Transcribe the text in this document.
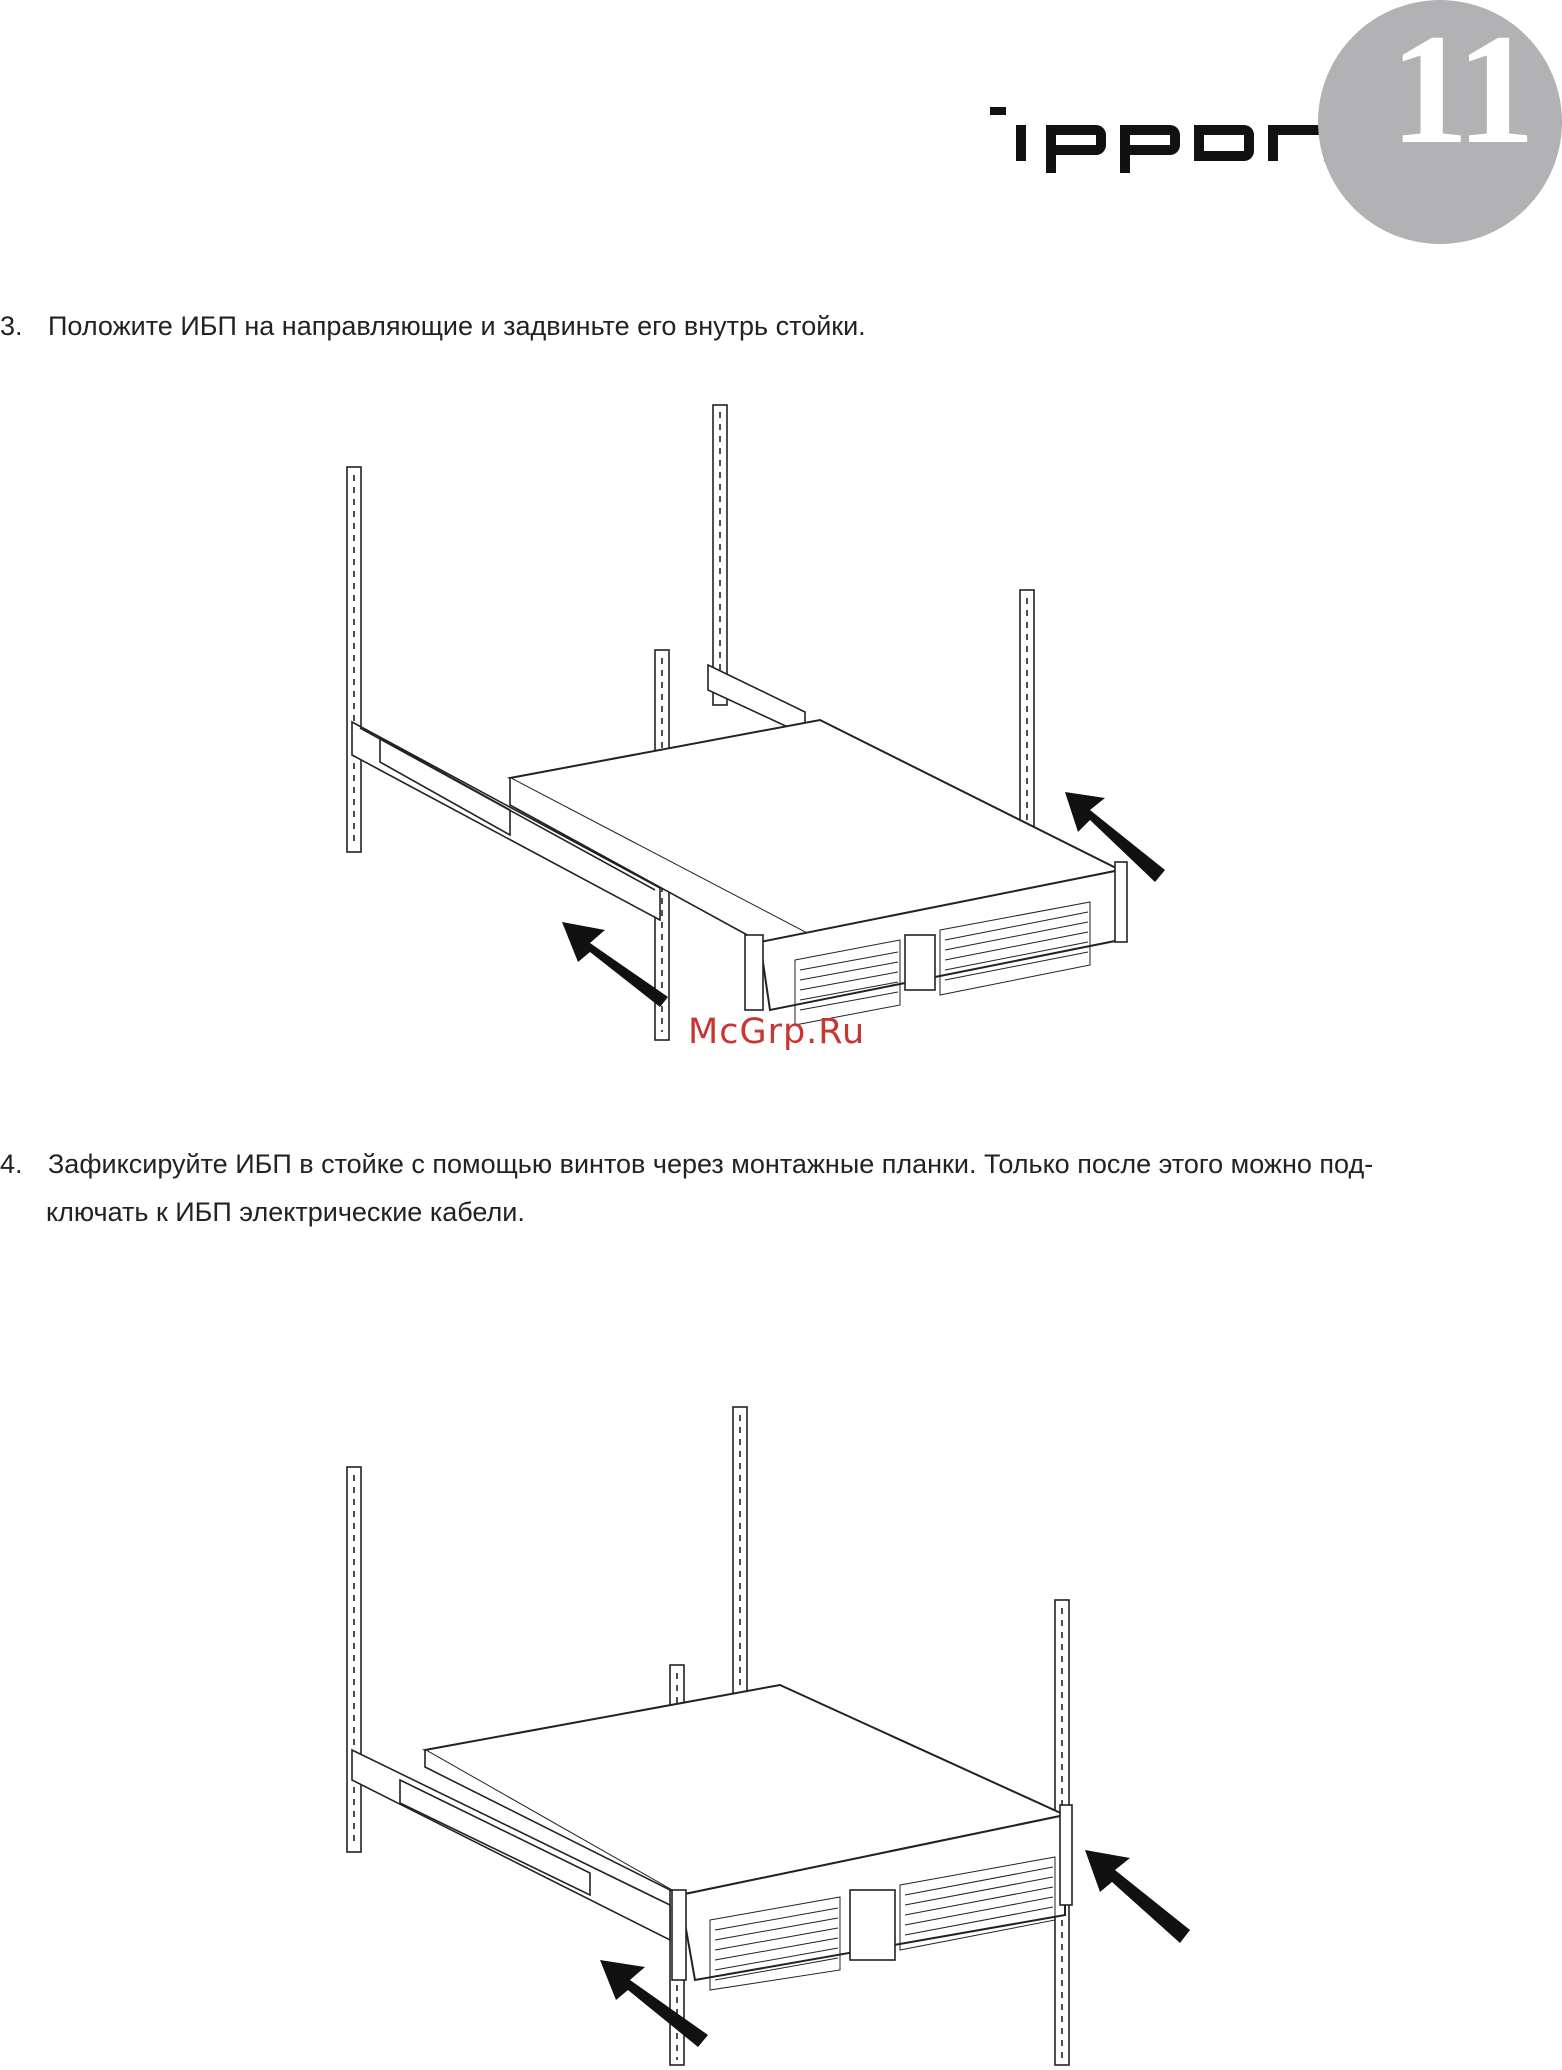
11
3. Положите ИБП на направляющие и задвиньте его внутрь стойки.
McGrp.Ru
4. Зафиксируйте ИБП в стойке с помощью винтов через монтажные планки. Только после этого можно под-
ключать к ИБП электрические кабели.
